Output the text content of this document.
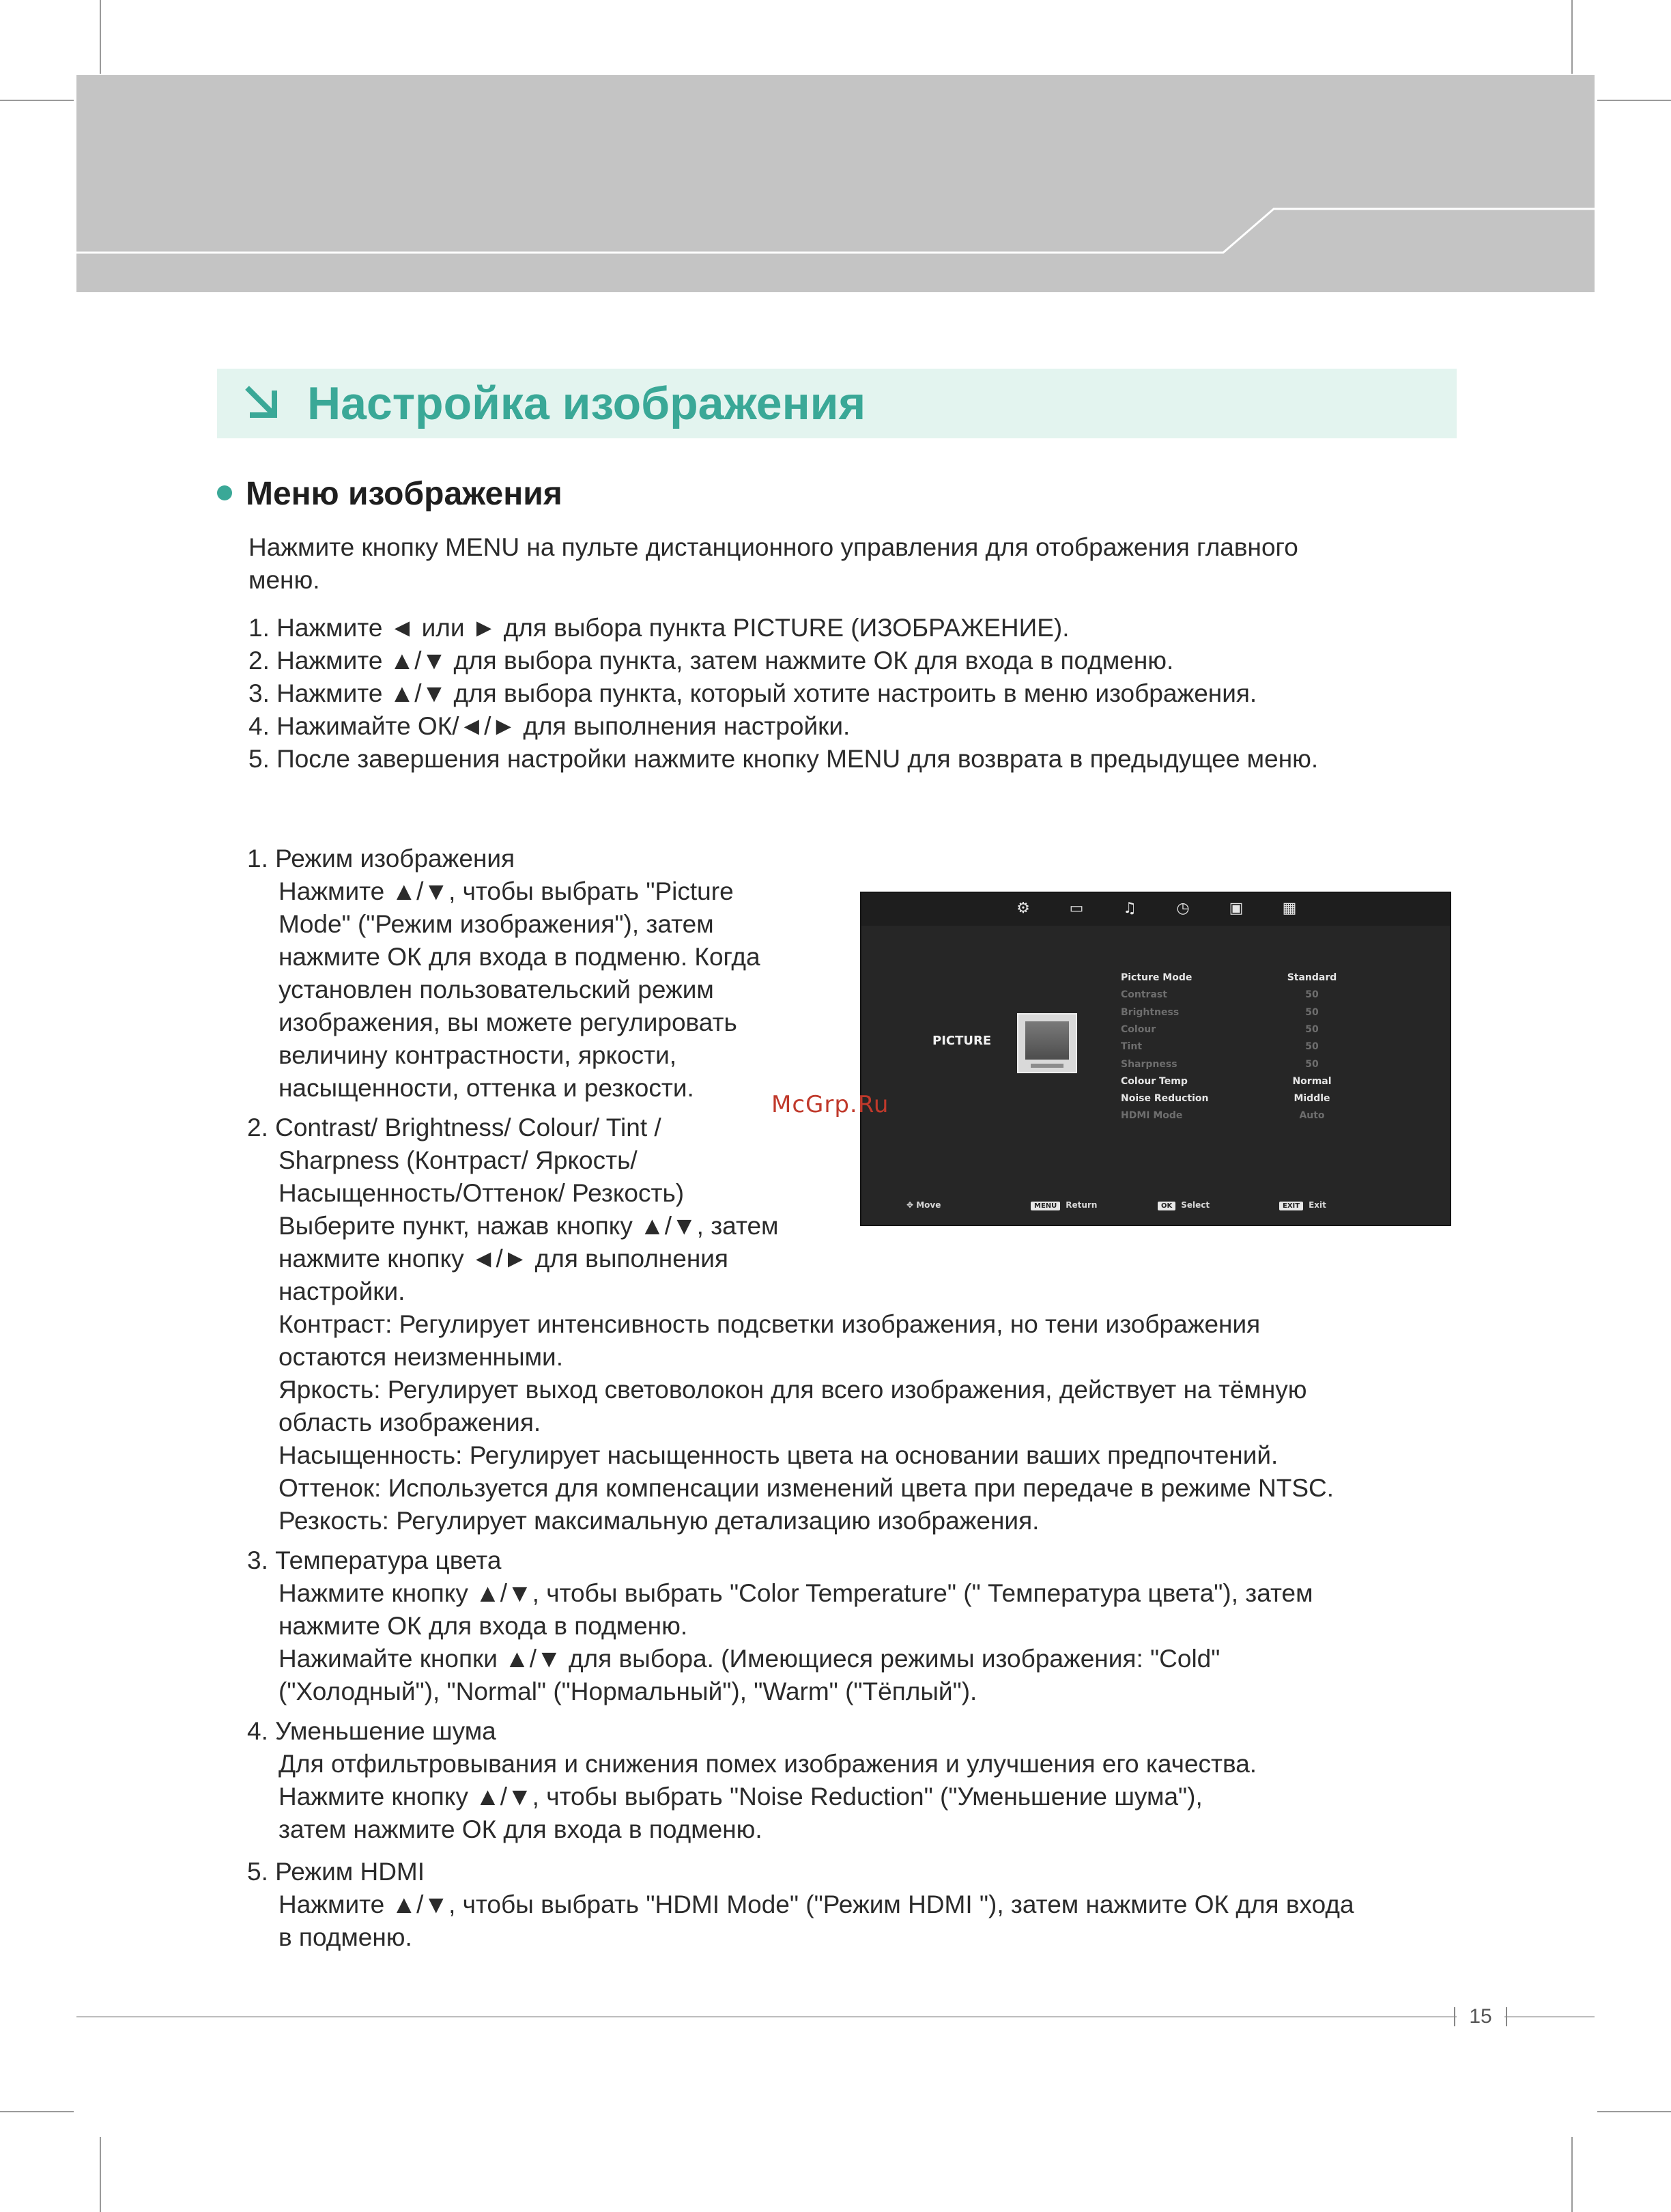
Настройка изображения
Меню изображения
Нажмите кнопку MENU на пульте дистанционного управления для отображения главного
меню.
1. Нажмите ◄ или ► для выбора пункта PICTURE (ИЗОБРАЖЕНИЕ).
2. Нажмите ▲/▼ для выбора пункта, затем нажмите ОК для входа в подменю.
3. Нажмите ▲/▼ для выбора пункта, который хотите настроить в меню изображения.
4. Нажимайте ОК/◄/► для выполнения настройки.
5. После завершения настройки нажмите кнопку MENU для возврата в предыдущее меню.
1. Режим изображения
Нажмите ▲/▼, чтобы выбрать "Picture
Mode" ("Режим изображения"), затем
нажмите ОК для входа в подменю. Когда
установлен пользовательский режим
изображения, вы можете регулировать
величину контрастности, яркости,
насыщенности, оттенка и резкости.
2. Contrast/ Brightness/ Colour/ Tint /
Sharpness (Контраст/ Яркость/
Насыщенность/Оттенок/ Резкость)
Выберите пункт, нажав кнопку ▲/▼, затем
нажмите кнопку ◄/► для выполнения
настройки.
Контраст: Регулирует интенсивность подсветки изображения, но тени изображения
остаются неизменными.
Яркость: Регулирует выход световолокон для всего изображения, действует на тёмную
область изображения.
Насыщенность: Регулирует насыщенность цвета на основании ваших предпочтений.
Оттенок: Используется для компенсации изменений цвета при передаче в режиме NTSC.
Резкость: Регулирует максимальную детализацию изображения.
3. Температура цвета
Нажмите кнопку ▲/▼, чтобы выбрать "Color Temperature" (" Температура цвета"), затем
нажмите ОК для входа в подменю.
Нажимайте кнопки ▲/▼ для выбора. (Имеющиеся режимы изображения: "Cold"
("Холодный"), "Normal" ("Нормальный"), "Warm" ("Тёплый").
4. Уменьшение шума
Для отфильтровывания и снижения помех изображения и улучшения его качества.
Нажмите кнопку ▲/▼, чтобы выбрать "Noise Reduction" ("Уменьшение шума"),
затем нажмите ОК для входа в подменю.
5. Режим HDMI
Нажмите ▲/▼, чтобы выбрать "HDMI Mode" ("Режим HDMI "), затем нажмите ОК для входа
в подменю.
⚙	▭	♫	◷	▣	▦
PICTURE
Picture Mode	Standard
Contrast	50
Brightness	50
Colour	50
Tint	50
Sharpness	50
Colour Temp	Normal
Noise Reduction	Middle
HDMI Mode	Auto
✥ Move	MENU Return	OK Select	EXIT Exit
McGrp.Ru
15
